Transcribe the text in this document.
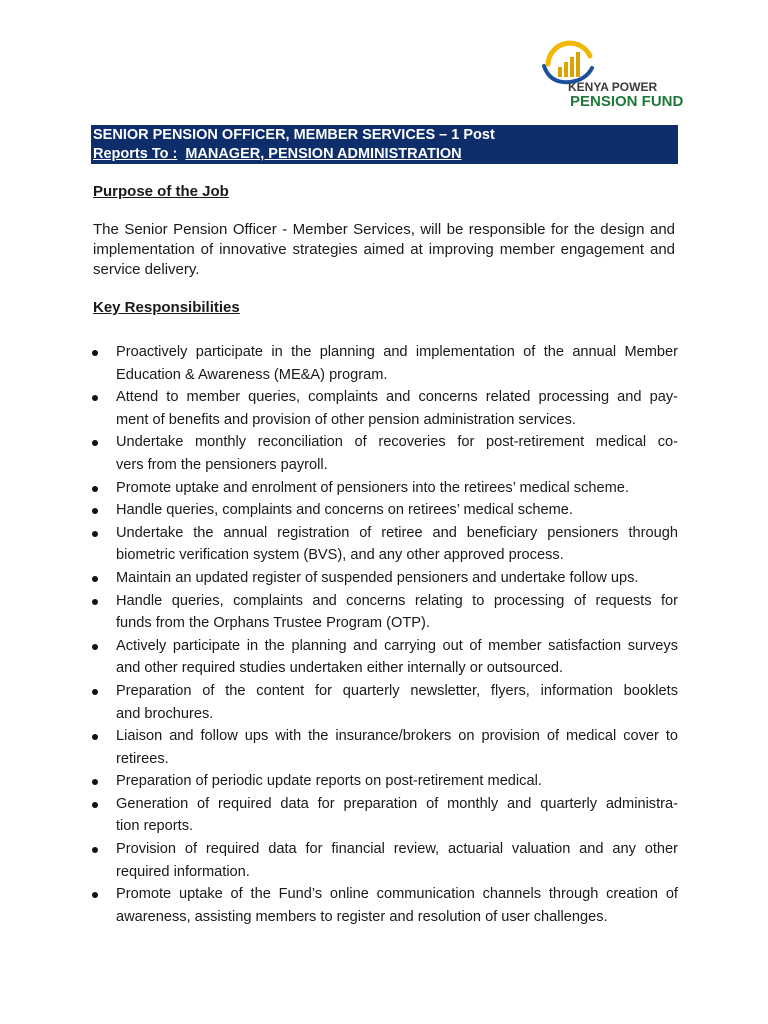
KENYA POWER
PENSION FUND
SENIOR PENSION OFFICER, MEMBER SERVICES – 1 Post
Reports To : MANAGER, PENSION ADMINISTRATION
Purpose of the Job
The Senior Pension Officer - Member Services, will be responsible for the design and
implementation of innovative strategies aimed at improving member engagement and
service delivery.
Key Responsibilities
Proactively participate in the planning and implementation of the annual Member
Education & Awareness (ME&A) program.
Attend to member queries, complaints and concerns related processing and pay-
ment of benefits and provision of other pension administration services.
Undertake monthly reconciliation of recoveries for post-retirement medical co-
vers from the pensioners payroll.
Promote uptake and enrolment of pensioners into the retirees’ medical scheme.
Handle queries, complaints and concerns on retirees’ medical scheme.
Undertake the annual registration of retiree and beneficiary pensioners through
biometric verification system (BVS), and any other approved process.
Maintain an updated register of suspended pensioners and undertake follow ups.
Handle queries, complaints and concerns relating to processing of requests for
funds from the Orphans Trustee Program (OTP).
Actively participate in the planning and carrying out of member satisfaction surveys
and other required studies undertaken either internally or outsourced.
Preparation of the content for quarterly newsletter, flyers, information booklets
and brochures.
Liaison and follow ups with the insurance/brokers on provision of medical cover to
retirees.
Preparation of periodic update reports on post-retirement medical.
Generation of required data for preparation of monthly and quarterly administra-
tion reports.
Provision of required data for financial review, actuarial valuation and any other
required information.
Promote uptake of the Fund’s online communication channels through creation of
awareness, assisting members to register and resolution of user challenges.
